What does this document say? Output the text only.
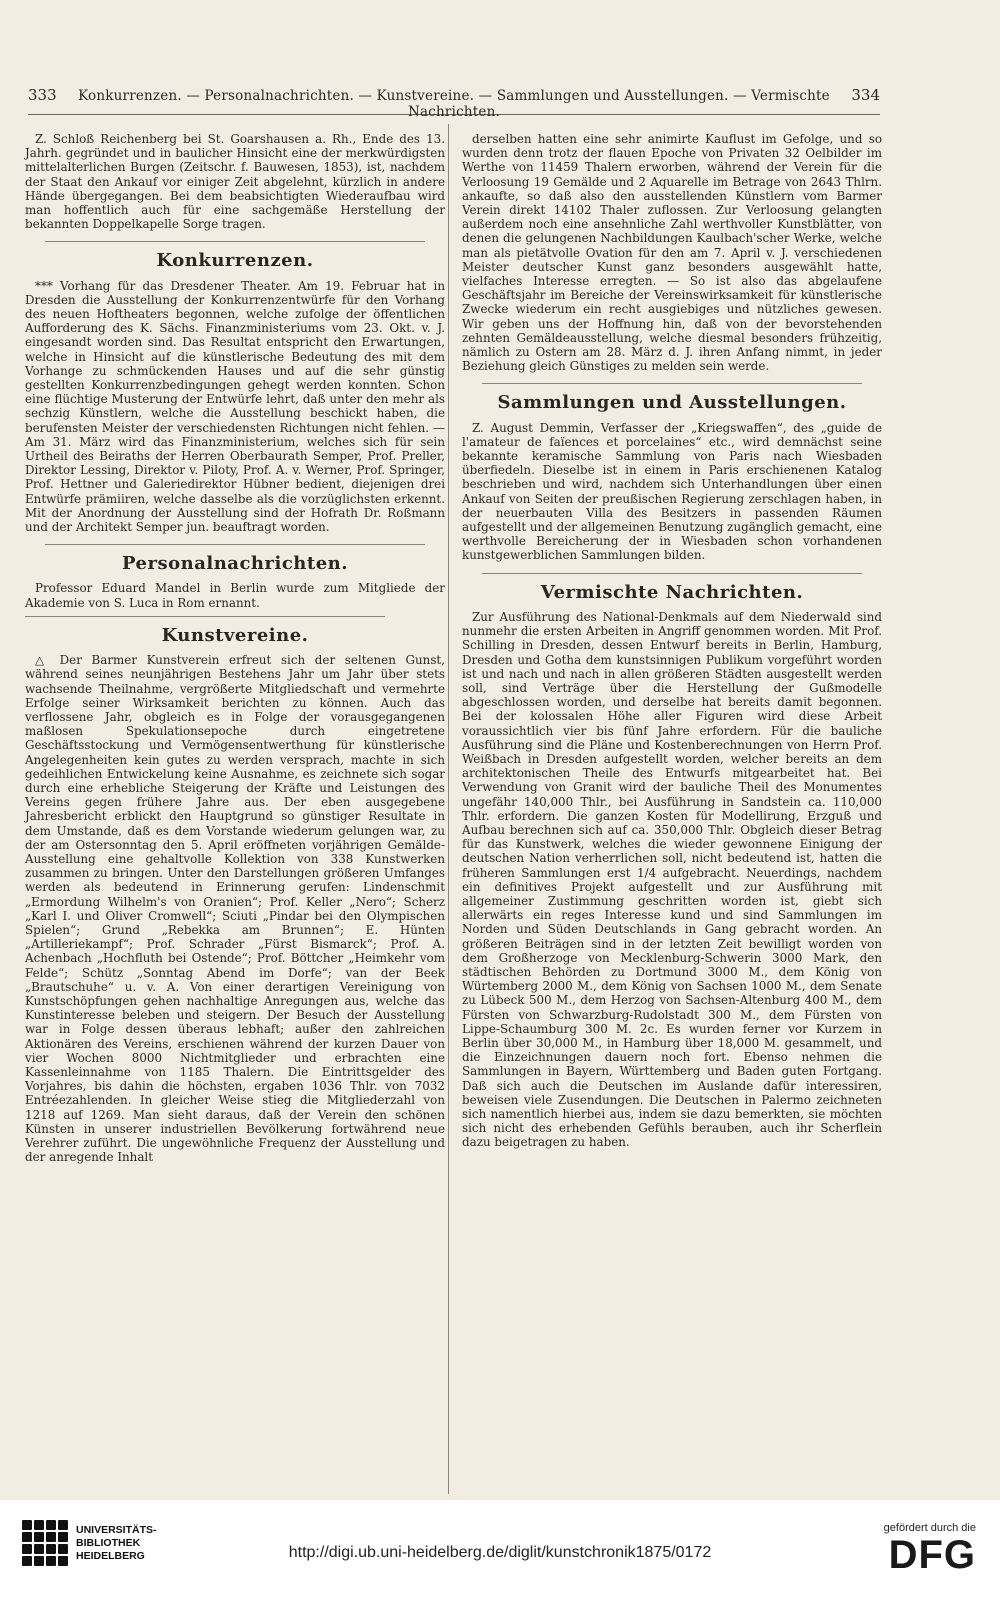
333	Konkurrenzen. — Personalnachrichten. — Kunstvereine. — Sammlungen und Ausstellungen. — Vermischte Nachrichten.
334

Z. Schloß Reichenberg bei St. Goarshausen a. Rh., Ende des 13. Jahrh. gegründet und in baulicher Hinsicht eine der merkwürdigsten mittelalterlichen Burgen (Zeitschr. f. Bauwesen, 1853), ist, nachdem der Staat den Ankauf vor einiger Zeit abgelehnt, kürzlich in andere Hände übergegangen. Bei dem beabsichtigten Wiederaufbau wird man hoffentlich auch für eine sachgemäße Herstellung der bekannten Doppelkapelle Sorge tragen.

Konkurrenzen.

*** Vorhang für das Dresdener Theater. Am 19. Februar hat in Dresden die Ausstellung der Konkurrenzentwürfe für den Vorhang des neuen Hoftheaters begonnen, welche zufolge der öffentlichen Aufforderung des K. Sächs. Finanzministeriums vom 23. Okt. v. J. eingesandt worden sind. Das Resultat entspricht den Erwartungen, welche in Hinsicht auf die künstlerische Bedeutung des mit dem Vorhange zu schmückenden Hauses und auf die sehr günstig gestellten Konkurrenzbedingungen gehegt werden konnten. Schon eine flüchtige Musterung der Entwürfe lehrt, daß unter den mehr als sechzig Künstlern, welche die Ausstellung beschickt haben, die berufensten Meister der verschiedensten Richtungen nicht fehlen. — Am 31. März wird das Finanzministerium, welches sich für sein Urtheil des Beiraths der Herren Oberbaurath Semper, Prof. Preller, Direktor Lessing, Direktor v. Piloty, Prof. A. v. Werner, Prof. Springer, Prof. Hettner und Galeriedirektor Hübner bedient, diejenigen drei Entwürfe prämiiren, welche dasselbe als die vorzüglichsten erkennt. Mit der Anordnung der Ausstellung sind der Hofrath Dr. Roßmann und der Architekt Semper jun. beauftragt worden.

Personalnachrichten.

Professor Eduard Mandel in Berlin wurde zum Mitgliede der Akademie von S. Luca in Rom ernannt.

Kunstvereine.

△ Der Barmer Kunstverein erfreut sich der seltenen Gunst, während seines neunjährigen Bestehens Jahr um Jahr über stets wachsende Theilnahme, vergrößerte Mitgliedschaft und vermehrte Erfolge seiner Wirksamkeit berichten zu können. Auch das verflossene Jahr, obgleich es in Folge der vorausgegangenen maßlosen Spekulationsepoche durch eingetretene Geschäftsstockung und Vermögensentwerthung für künstlerische Angelegenheiten kein gutes zu werden versprach, machte in sich gedeihlichen Entwickelung keine Ausnahme, es zeichnete sich sogar durch eine erhebliche Steigerung der Kräfte und Leistungen des Vereins gegen frühere Jahre aus. Der eben ausgegebene Jahresbericht erblickt den Hauptgrund so günstiger Resultate in dem Umstande, daß es dem Vorstande wiederum gelungen war, zu der am Ostersonntag den 5. April eröffneten vorjährigen Gemälde-Ausstellung eine gehaltvolle Kollektion von 338 Kunstwerken zusammen zu bringen. Unter den Darstellungen größeren Umfanges werden als bedeutend in Erinnerung gerufen: Lindenschmit „Ermordung Wilhelm's von Oranien“; Prof. Keller „Nero“; Scherz „Karl I. und Oliver Cromwell“; Sciuti „Pindar bei den Olympischen Spielen“; Grund „Rebekka am Brunnen“; E. Hünten „Artilleriekampf“; Prof. Schrader „Fürst Bismarck“; Prof. A. Achenbach „Hochfluth bei Ostende“; Prof. Böttcher „Heimkehr vom Felde“; Schütz „Sonntag Abend im Dorfe“; van der Beek „Brautschuhe“ u. v. A. Von einer derartigen Vereinigung von Kunstschöpfungen gehen nachhaltige Anregungen aus, welche das Kunstinteresse beleben und steigern. Der Besuch der Ausstellung war in Folge dessen überaus lebhaft; außer den zahlreichen Aktionären des Vereins, erschienen während der kurzen Dauer von vier Wochen 8000 Nichtmitglieder und erbrachten eine Kassenleinnahme von 1185 Thalern. Die Eintrittsgelder des Vorjahres, bis dahin die höchsten, ergaben 1036 Thlr. von 7032 Entréezahlenden. In gleicher Weise stieg die Mitgliederzahl von 1218 auf 1269. Man sieht daraus, daß der Verein den schönen Künsten in unserer industriellen Bevölkerung fortwährend neue Verehrer zuführt. Die ungewöhnliche Frequenz der Ausstellung und der anregende Inhalt

derselben hatten eine sehr animirte Kauflust im Gefolge, und so wurden denn trotz der flauen Epoche von Privaten 32 Oelbilder im Werthe von 11459 Thalern erworben, während der Verein für die Verloosung 19 Gemälde und 2 Aquarelle im Betrage von 2643 Thlrn. ankaufte, so daß also den ausstellenden Künstlern vom Barmer Verein direkt 14102 Thaler zuflossen. Zur Verloosung gelangten außerdem noch eine ansehnliche Zahl werthvoller Kunstblätter, von denen die gelungenen Nachbildungen Kaulbach'scher Werke, welche man als pietätvolle Ovation für den am 7. April v. J. verschiedenen Meister deutscher Kunst ganz besonders ausgewählt hatte, vielfaches Interesse erregten. — So ist also das abgelaufene Geschäftsjahr im Bereiche der Vereinswirksamkeit für künstlerische Zwecke wiederum ein recht ausgiebiges und nützliches gewesen. Wir geben uns der Hoffnung hin, daß von der bevorstehenden zehnten Gemäldeausstellung, welche diesmal besonders frühzeitig, nämlich zu Ostern am 28. März d. J. ihren Anfang nimmt, in jeder Beziehung gleich Günstiges zu melden sein werde.

Sammlungen und Ausstellungen.

Z. August Demmin, Verfasser der „Kriegswaffen“, des „guide de l'amateur de faïences et porcelaines“ etc., wird demnächst seine bekannte keramische Sammlung von Paris nach Wiesbaden überfiedeln. Dieselbe ist in einem in Paris erschienenen Katalog beschrieben und wird, nachdem sich Unterhandlungen über einen Ankauf von Seiten der preußischen Regierung zerschlagen haben, in der neuerbauten Villa des Besitzers in passenden Räumen aufgestellt und der allgemeinen Benutzung zugänglich gemacht, eine werthvolle Bereicherung der in Wiesbaden schon vorhandenen kunstgewerblichen Sammlungen bilden.

Vermischte Nachrichten.

Zur Ausführung des National-Denkmals auf dem Niederwald sind nunmehr die ersten Arbeiten in Angriff genommen worden. Mit Prof. Schilling in Dresden, dessen Entwurf bereits in Berlin, Hamburg, Dresden und Gotha dem kunstsinnigen Publikum vorgeführt worden ist und nach und nach in allen größeren Städten ausgestellt werden soll, sind Verträge über die Herstellung der Gußmodelle abgeschlossen worden, und derselbe hat bereits damit begonnen. Bei der kolossalen Höhe aller Figuren wird diese Arbeit voraussichtlich vier bis fünf Jahre erfordern. Für die bauliche Ausführung sind die Pläne und Kostenberechnungen von Herrn Prof. Weißbach in Dresden aufgestellt worden, welcher bereits an dem architektonischen Theile des Entwurfs mitgearbeitet hat. Bei Verwendung von Granit wird der bauliche Theil des Monumentes ungefähr 140,000 Thlr., bei Ausführung in Sandstein ca. 110,000 Thlr. erfordern. Die ganzen Kosten für Modellirung, Erzguß und Aufbau berechnen sich auf ca. 350,000 Thlr. Obgleich dieser Betrag für das Kunstwerk, welches die wieder gewonnene Einigung der deutschen Nation verherrlichen soll, nicht bedeutend ist, hatten die früheren Sammlungen erst 1/4 aufgebracht. Neuerdings, nachdem ein definitives Projekt aufgestellt und zur Ausführung mit allgemeiner Zustimmung geschritten worden ist, giebt sich allerwärts ein reges Interesse kund und sind Sammlungen im Norden und Süden Deutschlands in Gang gebracht worden. An größeren Beiträgen sind in der letzten Zeit bewilligt worden von dem Großherzoge von Mecklenburg-Schwerin 3000 Mark, den städtischen Behörden zu Dortmund 3000 M., dem König von Würtemberg 2000 M., dem König von Sachsen 1000 M., dem Senate zu Lübeck 500 M., dem Herzog von Sachsen-Altenburg 400 M., dem Fürsten von Schwarzburg-Rudolstadt 300 M., dem Fürsten von Lippe-Schaumburg 300 M. 2c. Es wurden ferner vor Kurzem in Berlin über 30,000 M., in Hamburg über 18,000 M. gesammelt, und die Einzeichnungen dauern noch fort. Ebenso nehmen die Sammlungen in Bayern, Württemberg und Baden guten Fortgang. Daß sich auch die Deutschen im Auslande dafür interessiren, beweisen viele Zusendungen. Die Deutschen in Palermo zeichneten sich namentlich hierbei aus, indem sie dazu bemerkten, sie möchten sich nicht des erhebenden Gefühls berauben, auch ihr Scherflein dazu beigetragen zu haben.

UNIVERSITÄTS-
BIBLIOTHEK
HEIDELBERG	http://digi.ub.uni-heidelberg.de/diglit/kunstchronik1875/0172
gefördert durch die
DFG
